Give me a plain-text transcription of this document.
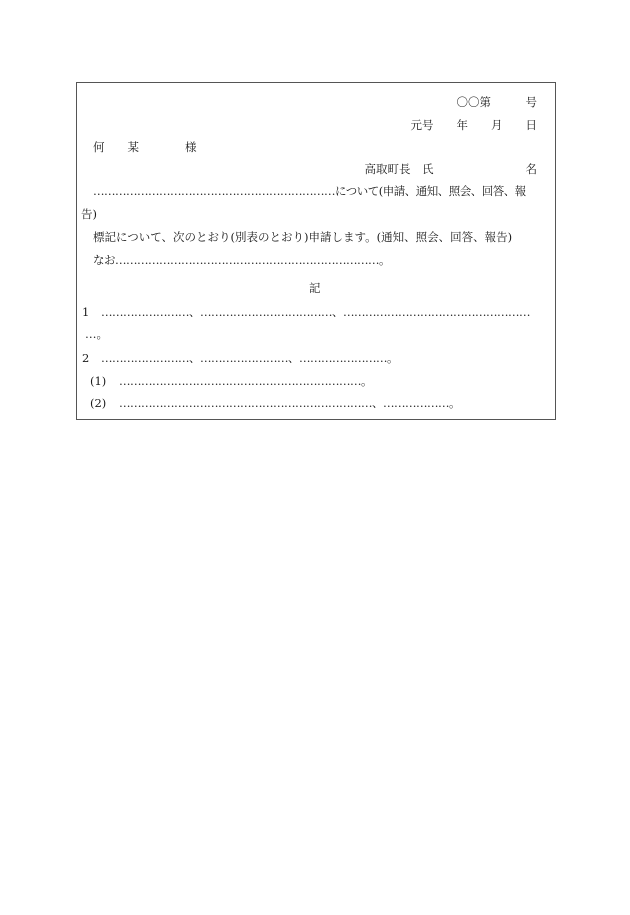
〇〇第　　　号
元号　　年　　月　　日
何　　某　　　　様
高取町長　氏　　　　　　　　名
…………………………………………………………について(申請、通知、照会、回答、報
告)
標記について、次のとおり(別表のとおり)申請します。(通知、照会、回答、報告)
なお………………………………………………………………。
記
1 ……………………、………………………………、……………………………………………
…。
2 ……………………、……………………、……………………。
(1) …………………………………………………………。
(2) ……………………………………………………………、………………。
